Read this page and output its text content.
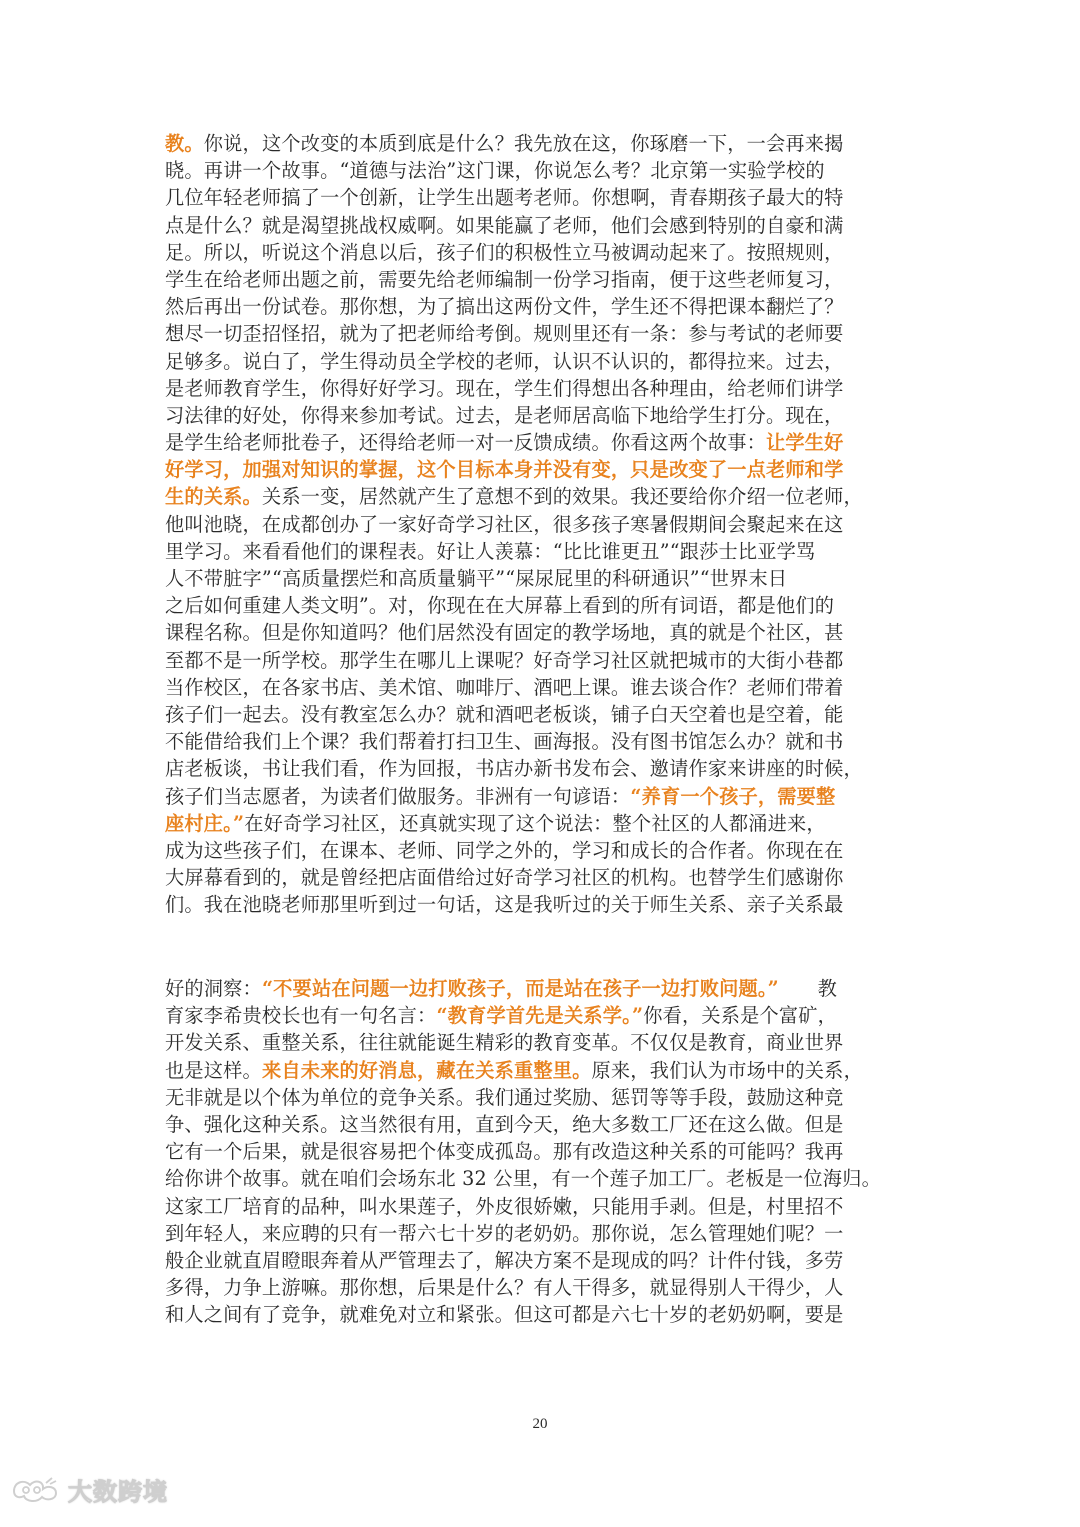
教。你说，这个改变的本质到底是什么？我先放在这，你琢磨一下，一会再来揭
晓。再讲一个故事。“道德与法治”这门课，你说怎么考？北京第一实验学校的
几位年轻老师搞了一个创新，让学生出题考老师。你想啊，青春期孩子最大的特
点是什么？就是渴望挑战权威啊。如果能赢了老师，他们会感到特别的自豪和满
足。所以，听说这个消息以后，孩子们的积极性立马被调动起来了。按照规则，
学生在给老师出题之前，需要先给老师编制一份学习指南，便于这些老师复习，
然后再出一份试卷。那你想，为了搞出这两份文件，学生还不得把课本翻烂了？
想尽一切歪招怪招，就为了把老师给考倒。规则里还有一条：参与考试的老师要
足够多。说白了，学生得动员全学校的老师，认识不认识的，都得拉来。过去，
是老师教育学生，你得好好学习。现在，学生们得想出各种理由，给老师们讲学
习法律的好处，你得来参加考试。过去，是老师居高临下地给学生打分。现在，
是学生给老师批卷子，还得给老师一对一反馈成绩。你看这两个故事：让学生好
好学习，加强对知识的掌握，这个目标本身并没有变，只是改变了一点老师和学
生的关系。关系一变，居然就产生了意想不到的效果。我还要给你介绍一位老师，
他叫池晓，在成都创办了一家好奇学习社区，很多孩子寒暑假期间会聚起来在这
里学习。来看看他们的课程表。好让人羡慕：“比比谁更丑”“跟莎士比亚学骂
人不带脏字”“高质量摆烂和高质量躺平”“屎尿屁里的科研通识”“世界末日
之后如何重建人类文明”。对，你现在在大屏幕上看到的所有词语，都是他们的
课程名称。但是你知道吗？他们居然没有固定的教学场地，真的就是个社区，甚
至都不是一所学校。那学生在哪儿上课呢？好奇学习社区就把城市的大街小巷都
当作校区，在各家书店、美术馆、咖啡厅、酒吧上课。谁去谈合作？老师们带着
孩子们一起去。没有教室怎么办？就和酒吧老板谈，铺子白天空着也是空着，能
不能借给我们上个课？我们帮着打扫卫生、画海报。没有图书馆怎么办？就和书
店老板谈，书让我们看，作为回报，书店办新书发布会、邀请作家来讲座的时候，
孩子们当志愿者，为读者们做服务。非洲有一句谚语：“养育一个孩子，需要整
座村庄。”在好奇学习社区，还真就实现了这个说法：整个社区的人都涌进来，
成为这些孩子们，在课本、老师、同学之外的，学习和成长的合作者。你现在在
大屏幕看到的，就是曾经把店面借给过好奇学习社区的机构。也替学生们感谢你
们。我在池晓老师那里听到过一句话，这是我听过的关于师生关系、亲子关系最
好的洞察：“不要站在问题一边打败孩子，而是站在孩子一边打败问题。”　　教
育家李希贵校长也有一句名言：“教育学首先是关系学。”你看，关系是个富矿，
开发关系、重整关系，往往就能诞生精彩的教育变革。不仅仅是教育，商业世界
也是这样。来自未来的好消息，藏在关系重整里。原来，我们认为市场中的关系，
无非就是以个体为单位的竞争关系。我们通过奖励、惩罚等等手段，鼓励这种竞
争、强化这种关系。这当然很有用，直到今天，绝大多数工厂还在这么做。但是
它有一个后果，就是很容易把个体变成孤岛。那有改造这种关系的可能吗？我再
给你讲个故事。就在咱们会场东北 32 公里，有一个莲子加工厂。老板是一位海归。
这家工厂培育的品种，叫水果莲子，外皮很娇嫩，只能用手剥。但是，村里招不
到年轻人，来应聘的只有一帮六七十岁的老奶奶。那你说，怎么管理她们呢？一
般企业就直眉瞪眼奔着从严管理去了，解决方案不是现成的吗？计件付钱，多劳
多得，力争上游嘛。那你想，后果是什么？有人干得多，就显得别人干得少，人
和人之间有了竞争，就难免对立和紧张。但这可都是六七十岁的老奶奶啊，要是
20
大数跨境
